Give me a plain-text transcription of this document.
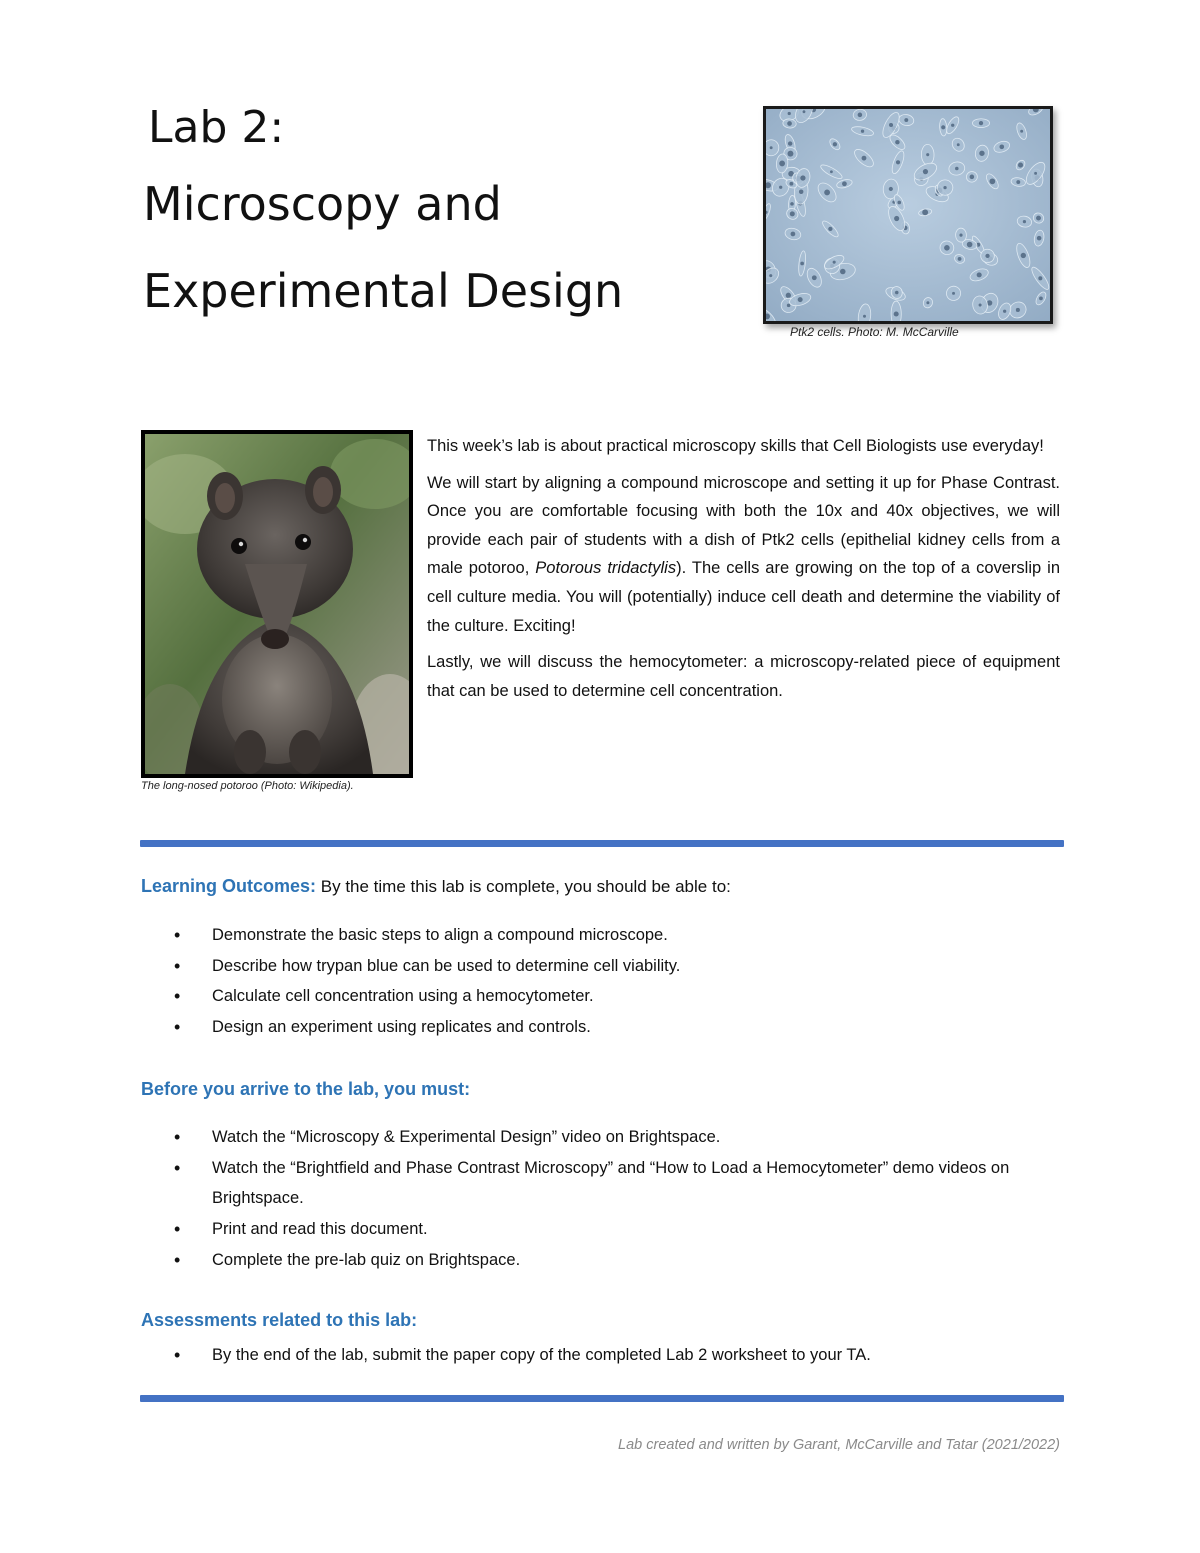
Lab 2:
Microscopy and
Experimental Design
Ptk2 cells. Photo: M. McCarville
The long-nosed potoroo (Photo: Wikipedia).

This week’s lab is about practical microscopy skills that Cell Biologists use everyday!

We will start by aligning a compound microscope and setting it up for Phase Contrast. Once you are comfortable focusing with both the 10x and 40x objectives, we will provide each pair of students with a dish of Ptk2 cells (epithelial kidney cells from a male potoroo, Potorous tridactylis). The cells are growing on the top of a coverslip in cell culture media. You will (potentially) induce cell death and determine the viability of the culture. Exciting!

Lastly, we will discuss the hemocytometer: a microscopy-related piece of equipment that can be used to determine cell concentration.

Learning Outcomes: By the time this lab is complete, you should be able to:
• Demonstrate the basic steps to align a compound microscope.
• Describe how trypan blue can be used to determine cell viability.
• Calculate cell concentration using a hemocytometer.
• Design an experiment using replicates and controls.
Before you arrive to the lab, you must:
• Watch the “Microscopy & Experimental Design” video on Brightspace.
• Watch the “Brightfield and Phase Contrast Microscopy” and “How to Load a Hemocytometer” demo videos on Brightspace.
• Print and read this document.
• Complete the pre-lab quiz on Brightspace.
Assessments related to this lab:
• By the end of the lab, submit the paper copy of the completed Lab 2 worksheet to your TA.
Lab created and written by Garant, McCarville and Tatar (2021/2022)
